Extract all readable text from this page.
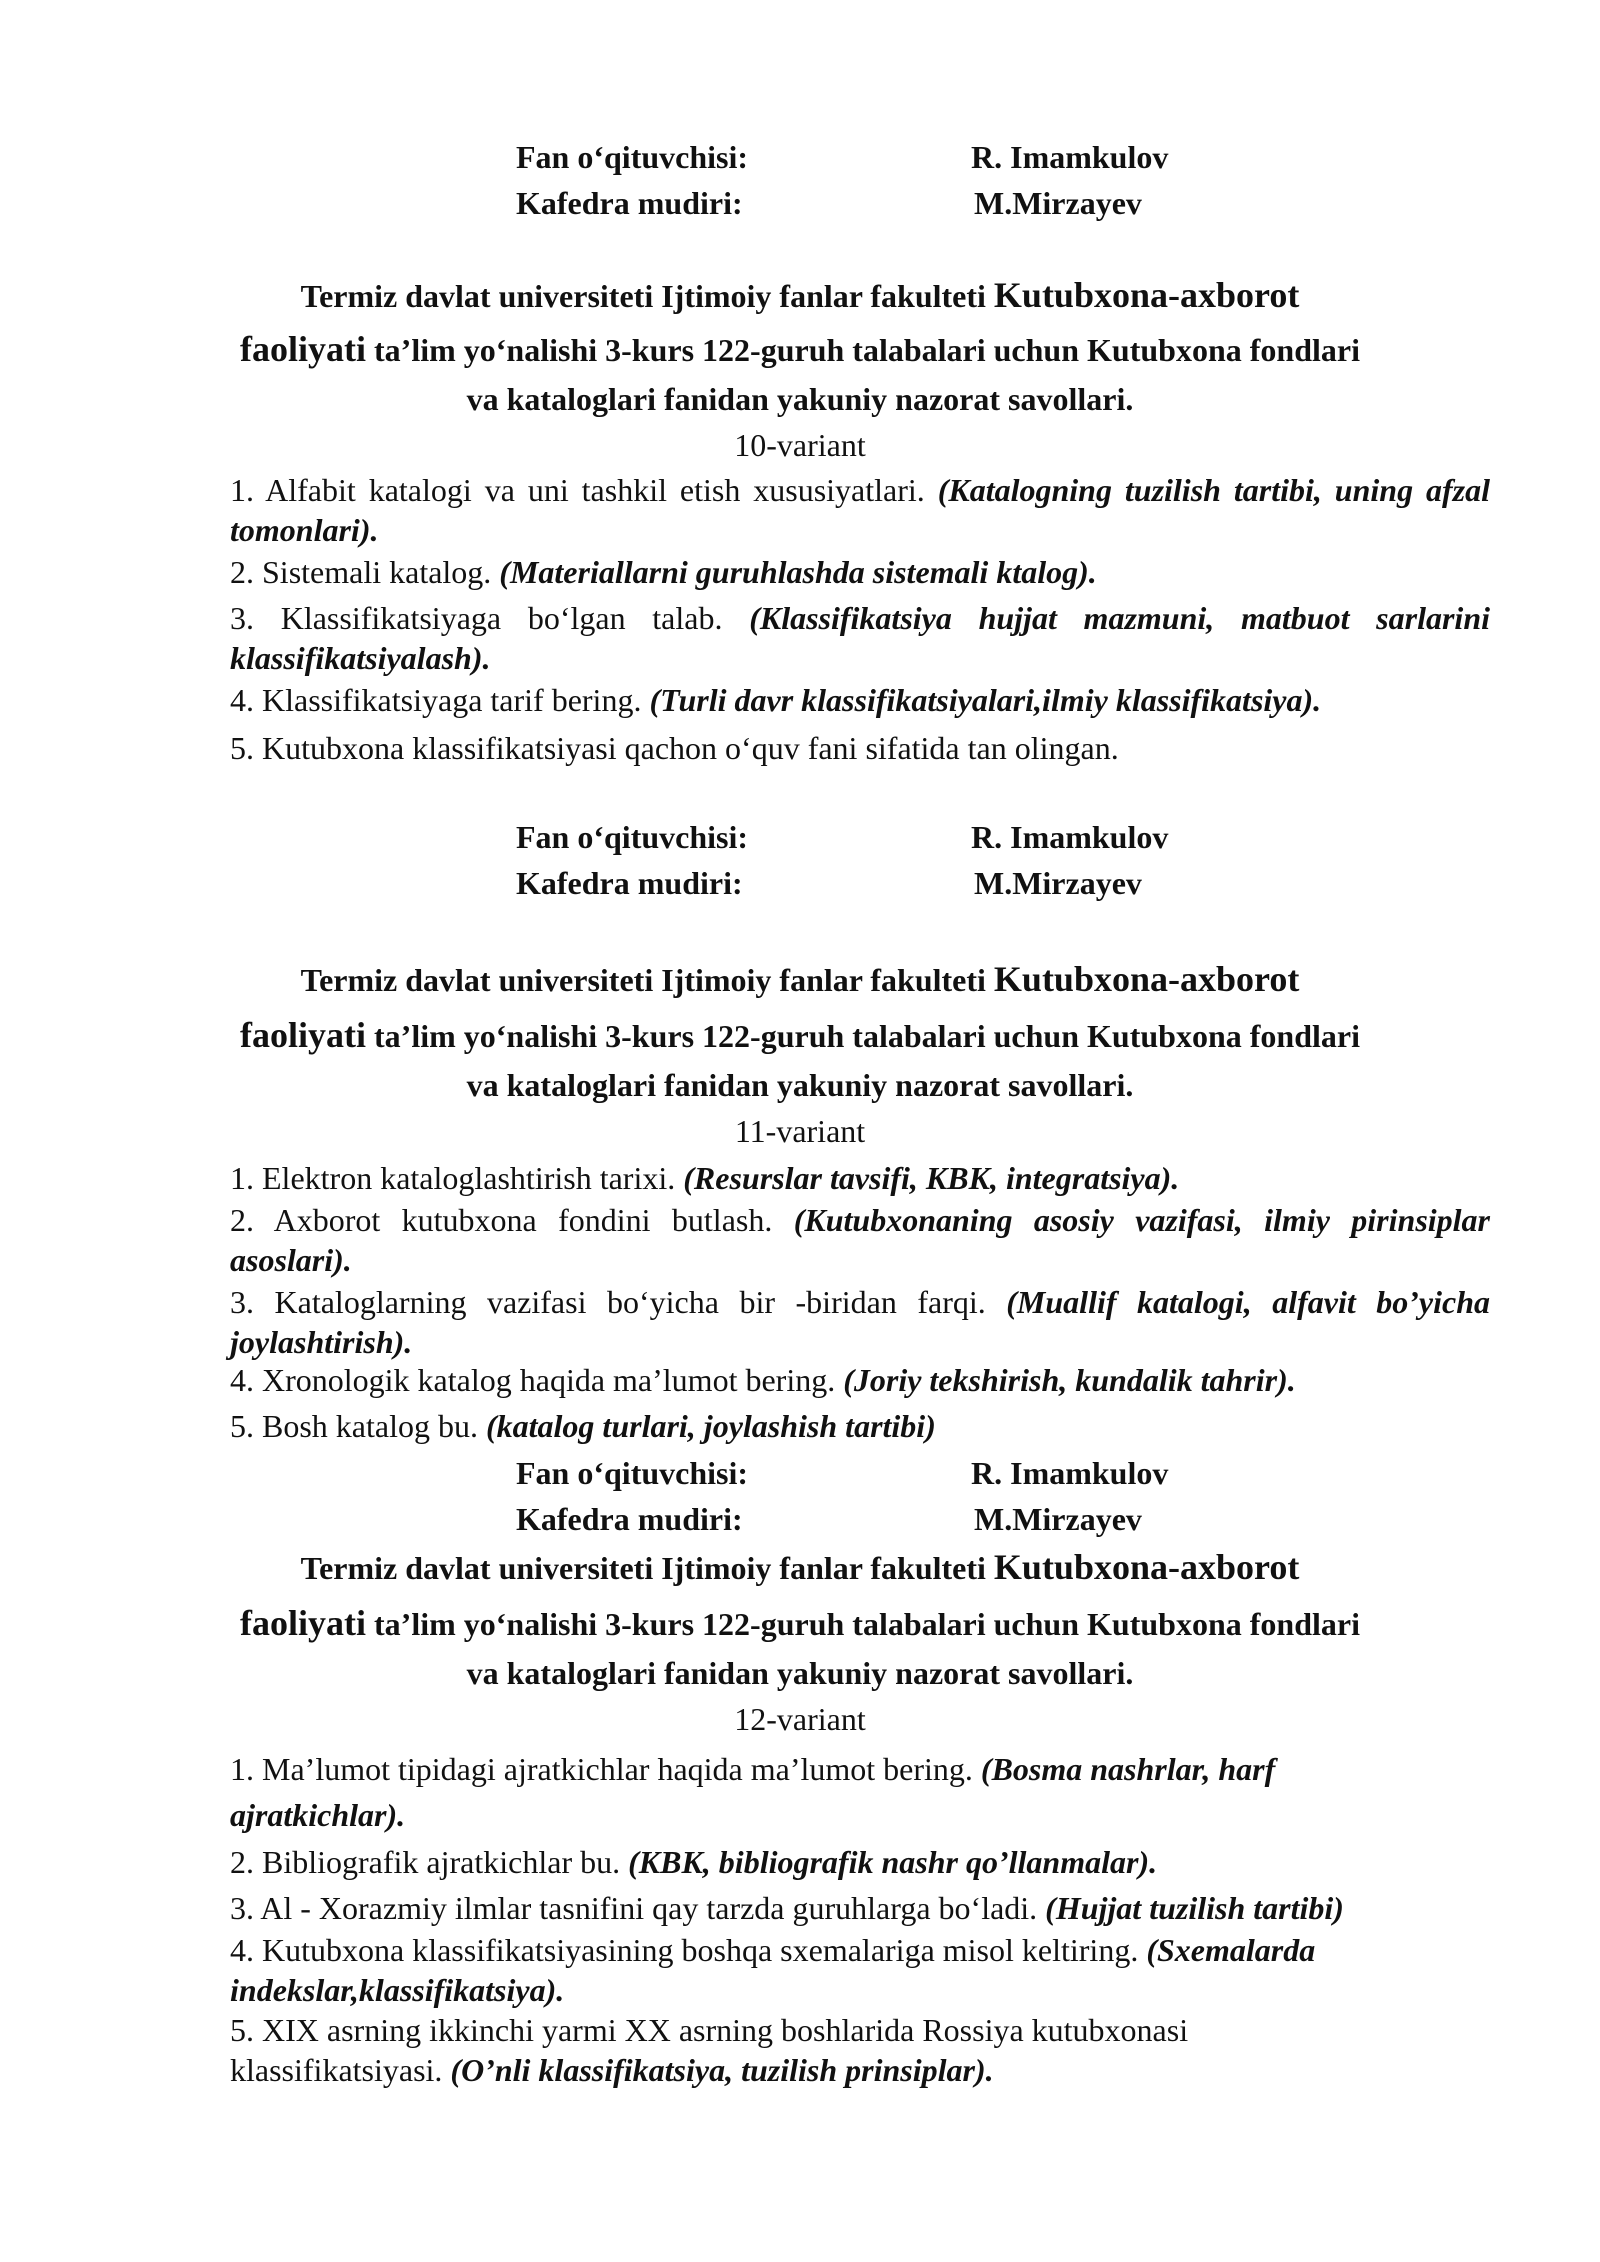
Fan o‘qituvchisi:	R. Imamkulov
Kafedra mudiri:	M.Mirzayev
Termiz davlat universiteti Ijtimoiy fanlar fakulteti Kutubxona-axborot
faoliyati ta’lim yo‘nalishi 3-kurs 122-guruh talabalari uchun Kutubxona fondlari
va kataloglari fanidan yakuniy nazorat savollari.
10-variant
1. Alfabit katalogi va uni tashkil etish xususiyatlari. (Katalogning tuzilish tartibi, uning afzal tomonlari).
2. Sistemali katalog. (Materiallarni guruhlashda sistemali ktalog).
3. Klassifikatsiyaga bo‘lgan talab. (Klassifikatsiya hujjat mazmuni, matbuot sarlarini klassifikatsiyalash).
4. Klassifikatsiyaga tarif bering. (Turli davr klassifikatsiyalari,ilmiy klassifikatsiya).
5. Kutubxona klassifikatsiyasi qachon o‘quv fani sifatida tan olingan.
Fan o‘qituvchisi:	R. Imamkulov
Kafedra mudiri:	M.Mirzayev
Termiz davlat universiteti Ijtimoiy fanlar fakulteti Kutubxona-axborot
faoliyati ta’lim yo‘nalishi 3-kurs 122-guruh talabalari uchun Kutubxona fondlari
va kataloglari fanidan yakuniy nazorat savollari.
11-variant
1. Elektron kataloglashtirish tarixi. (Resurslar tavsifi, KBK, integratsiya).
2. Axborot kutubxona fondini butlash. (Kutubxonaning asosiy vazifasi, ilmiy pirinsiplar asoslari).
3. Kataloglarning vazifasi bo‘yicha bir -biridan farqi. (Muallif katalogi, alfavit bo’yicha joylashtirish).
4. Xronologik katalog haqida ma’lumot bering. (Joriy tekshirish, kundalik tahrir).
5. Bosh katalog bu. (katalog turlari, joylashish tartibi)
Fan o‘qituvchisi:	R. Imamkulov
Kafedra mudiri:	M.Mirzayev
Termiz davlat universiteti Ijtimoiy fanlar fakulteti Kutubxona-axborot
faoliyati ta’lim yo‘nalishi 3-kurs 122-guruh talabalari uchun Kutubxona fondlari
va kataloglari fanidan yakuniy nazorat savollari.
12-variant
1. Ma’lumot tipidagi ajratkichlar haqida ma’lumot bering. (Bosma nashrlar, harf ajratkichlar).
2. Bibliografik ajratkichlar bu. (KBK, bibliografik nashr qo’llanmalar).
3. Al - Xorazmiy ilmlar tasnifini qay tarzda guruhlarga bo‘ladi. (Hujjat tuzilish tartibi)
4. Kutubxona klassifikatsiyasining boshqa sxemalariga misol keltiring. (Sxemalarda indekslar,klassifikatsiya).
5. XIX asrning ikkinchi yarmi XX asrning boshlarida Rossiya kutubxonasi klassifikatsiyasi. (O’nli klassifikatsiya, tuzilish prinsiplar).
